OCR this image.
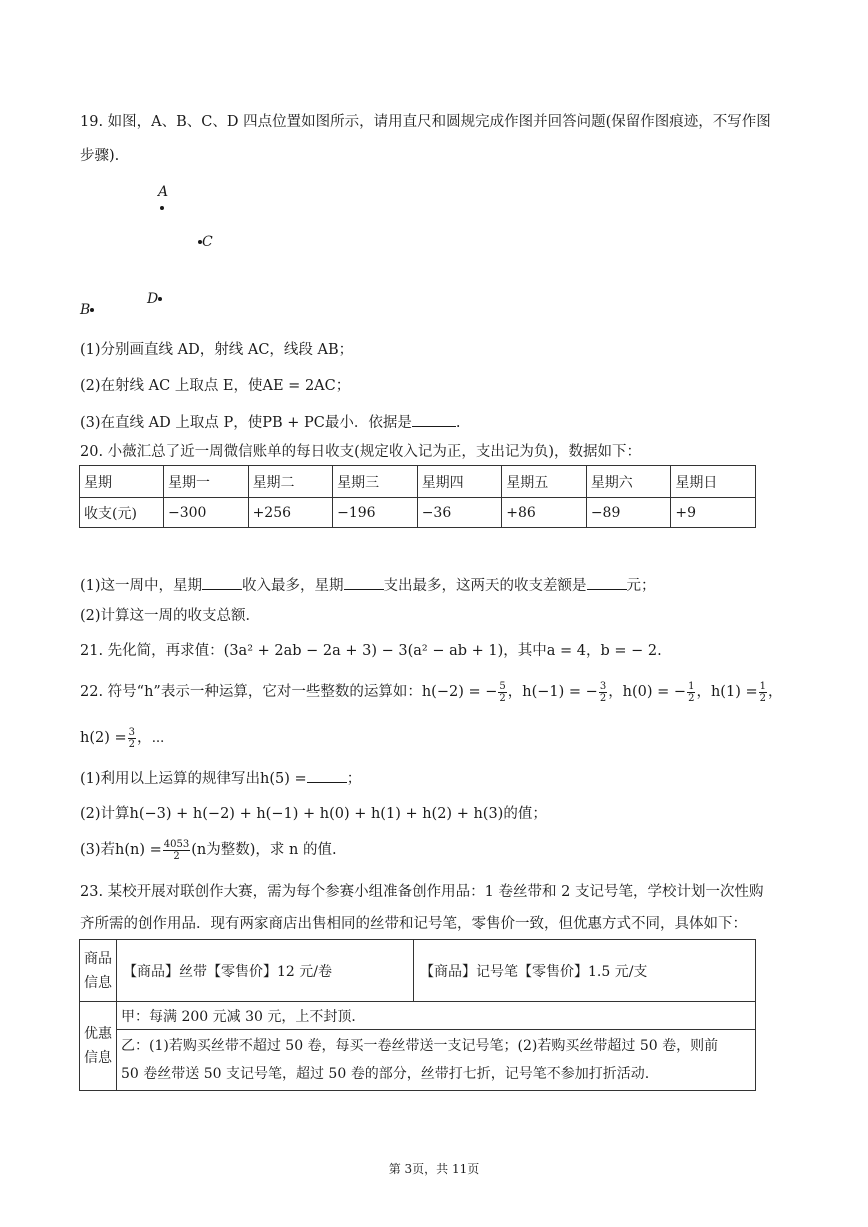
19. 如图，A、B、C、D 四点位置如图所示，请用直尺和圆规完成作图并回答问题(保留作图痕迹，不写作图
步骤).
A

C
D
B
(1)分别画直线 AD，射线 AC，线段 AB；
(2)在射线 AC 上取点 E，使AE = 2AC；
(3)在直线 AD 上取点 P，使PB + PC最小．依据是	.
20. 小薇汇总了近一周微信账单的每日收支(规定收入记为正，支出记为负)，数据如下：
星期	星期一	星期二	星期三	星期四	星期五	星期六	星期日
收支(元)	−300	+256	−196	−36	+86	−89	+9
(1)这一周中，星期	收入最多，星期	支出最多，这两天的收支差额是	元；
(2)计算这一周的收支总额．
21. 先化简，再求值：(3a² + 2ab − 2a + 3) − 3(a² − ab + 1)，其中a = 4，b = − 2.
22. 符号“h”表示一种运算，它对一些整数的运算如：h(−2) = − $\frac{5}{2}$ ，h(−1) = − $\frac{3}{2}$ ，h(0) = − $\frac{1}{2}$ ，$h(1) = \frac{1}{2}$ ，
$h(2) = \frac{3}{2}$ ，⋯
(1)利用以上运算的规律写出h(5) =	；
(2)计算h(−3) + h(−2) + h(−1) + h(0) + h(1) + h(2) + h(3)的值；
(3)若$h(n) = \frac{4053}{2} (n$为整数)，求 n 的值.
23. 某校开展对联创作大赛，需为每个参赛小组准备创作用品：1 卷丝带和 2 支记号笔，学校计划一次性购
齐所需的创作用品．现有两家商店出售相同的丝带和记号笔，零售价一致，但优惠方式不同，具体如下：
商品信息	【商品】丝带【零售价】12 元/卷	【商品】记号笔【零售价】1.5 元/支
优惠信息	甲：每满 200 元减 30 元，上不封顶．	

	乙：(1)若购买丝带不超过 50 卷，每买一卷丝带送一支记号笔；(2)若购买丝带超过 50 卷，则前
50 卷丝带送 50 支记号笔，超过 50 卷的部分，丝带打七折，记号笔不参加打折活动.	
第 3页，共 11页
